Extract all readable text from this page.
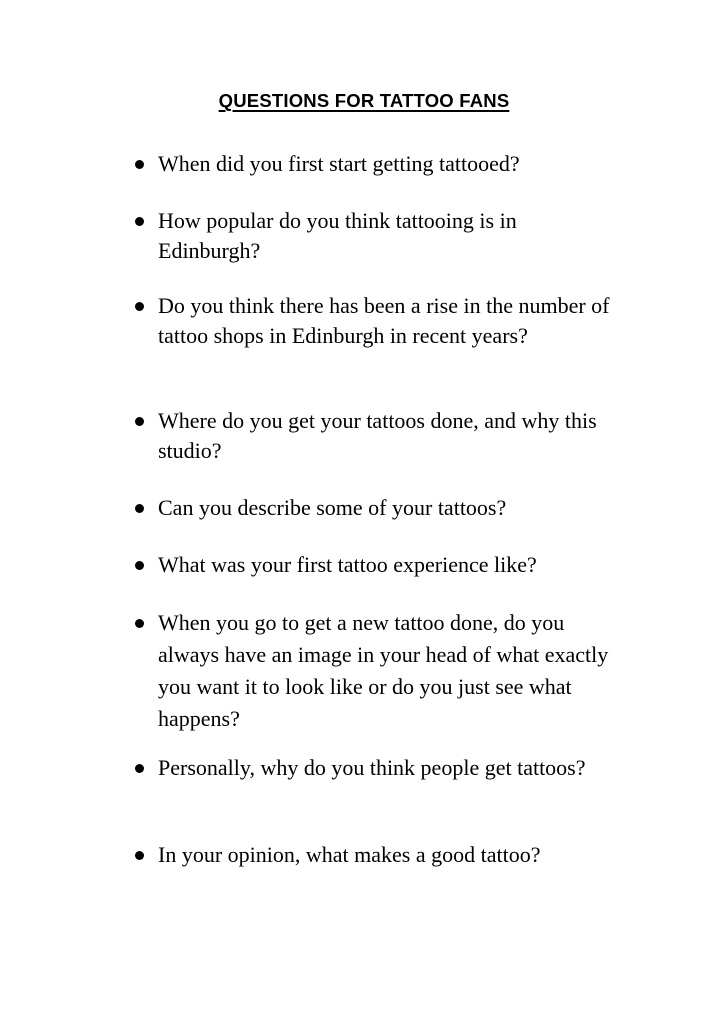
QUESTIONS FOR TATTOO FANS
When did you first start getting tattooed?
How popular do you think tattooing is in Edinburgh?
Do you think there has been a rise in the number of tattoo shops in Edinburgh in recent years?
Where do you get your tattoos done, and why this studio?
Can you describe some of your tattoos?
What was your first tattoo experience like?
When you go to get a new tattoo done, do you always have an image in your head of what exactly you want it to look like or do you just see what happens?
Personally, why do you think people get tattoos?
In your opinion, what makes a good tattoo?
